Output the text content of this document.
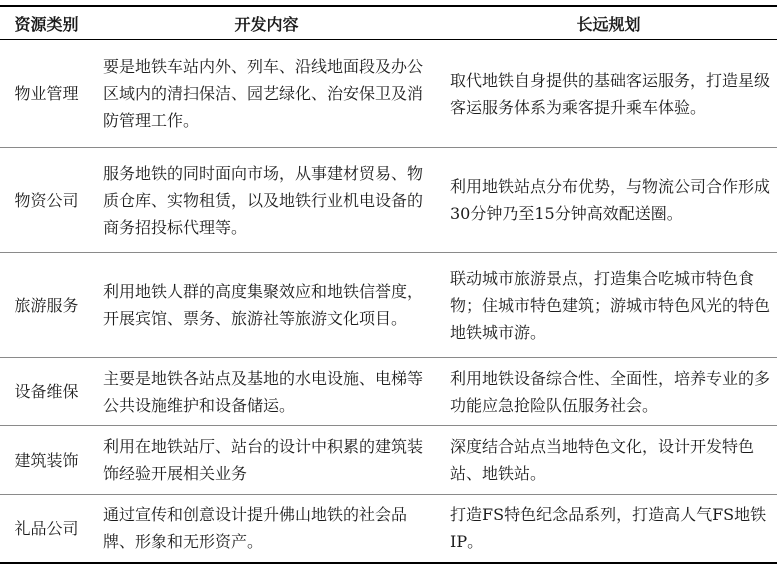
资源类别	开发内容	长远规划
物业管理	要是地铁车站内外、列车、沿线地面段及办公区域内的清扫保洁、园艺绿化、治安保卫及消防管理工作。	取代地铁自身提供的基础客运服务，打造星级客运服务体系为乘客提升乘车体验。
物资公司	服务地铁的同时面向市场，从事建材贸易、物质仓库、实物租赁，以及地铁行业机电设备的商务招投标代理等。	利用地铁站点分布优势，与物流公司合作形成30分钟乃至15分钟高效配送圈。
旅游服务	利用地铁人群的高度集聚效应和地铁信誉度，开展宾馆、票务、旅游社等旅游文化项目。	联动城市旅游景点，打造集合吃城市特色食物；住城市特色建筑；游城市特色风光的特色地铁城市游。
设备维保	主要是地铁各站点及基地的水电设施、电梯等公共设施维护和设备储运。	利用地铁设备综合性、全面性，培养专业的多功能应急抢险队伍服务社会。
建筑装饰	利用在地铁站厅、站台的设计中积累的建筑装饰经验开展相关业务	深度结合站点当地特色文化，设计开发特色站、地铁站。
礼品公司	通过宣传和创意设计提升佛山地铁的社会品牌、形象和无形资产。	打造FS特色纪念品系列，打造高人气FS地铁IP。
